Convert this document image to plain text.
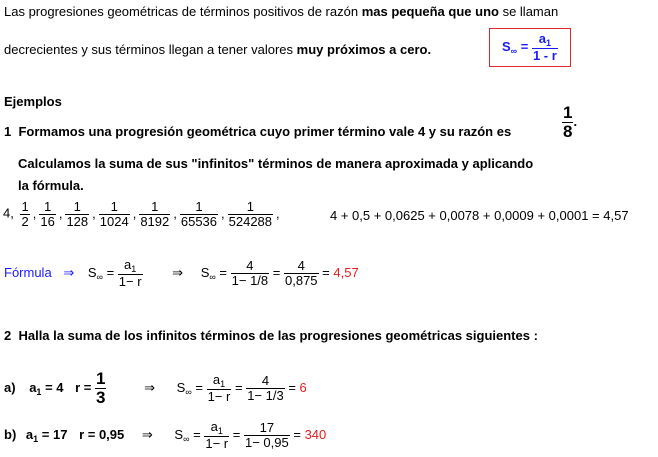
Las progresiones geométricas de términos positivos de razón mas pequeña que uno se llaman
decrecientes y sus términos llegan a tener valores muy próximos a cero.	$S_\infty = \frac{a_1}{1 - r}$
Ejemplos
1 Formamos una progresión geométrica cuyo primer término vale 4 y su razón es	$\frac{1}{8}$ .
Calculamos la suma de sus "infinitos" términos de manera aproximada y aplicando
la fórmula.
4, $\frac{1}{2}$ , $\frac{1}{16}$ , $\frac{1}{128}$ , $\frac{1}{1024}$ , $\frac{1}{8192}$ , $\frac{1}{65536}$ , $\frac{1}{524288}$ ,	4 + 0,5 + 0,0625 + 0,0078 + 0,0009 + 0,0001 = 4,57
Fórmula ⇒ $S_\infty = \frac{a_1}{1- r}$ ⇒ $S_\infty = \frac{4}{1- 1/8} = \frac{4}{0,875} = 4,57$
2 Halla la suma de los infinitos términos de las progresiones geométricas siguientes :
a) $a_1 = 4$ $r = \frac{1}{3}$	⇒ $S_\infty = \frac{a_1}{1- r} = \frac{4}{1- 1/3} = 6$
b) $a_1 = 17$ r = 0,95 ⇒ $S_\infty = \frac{a_1}{1- r} = \frac{17}{1- 0,95} = 340$
